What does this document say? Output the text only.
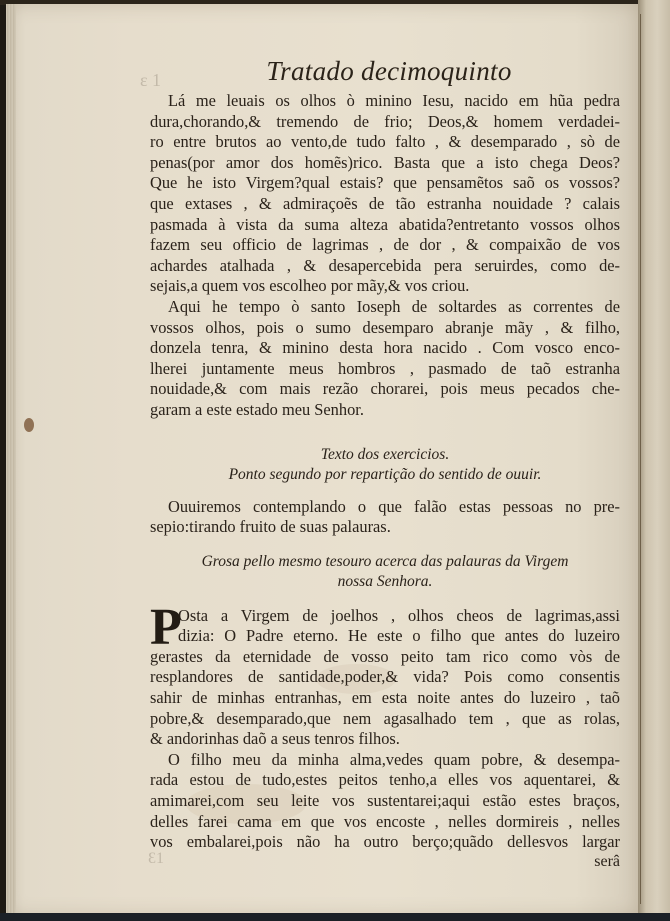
ε 1
Ɛ1
Tratado decimoquinto
Lá me leuais os olhos ò minino Iesu, nacido em hũa pedra
dura,chorando,& tremendo de frio; Deos,& homem verdadei-
ro entre brutos ao vento,de tudo falto , & desemparado , sò de
penas(por amor dos homẽs)rico. Basta que a isto chega Deos?
Que he isto Virgem?qual estais? que pensamẽtos saõ os vossos?
que extases , & admiraçoẽs de tão estranha nouidade ? calais
pasmada à vista da suma alteza abatida?entretanto vossos olhos
fazem seu officio de lagrimas , de dor , & compaixão de vos
achardes atalhada , & desapercebida pera seruirdes, como de-
sejais,a quem vos escolheo por mãy,& vos criou.
Aqui he tempo ò santo Ioseph de soltardes as correntes de
vossos olhos, pois o sumo desemparo abranje mãy , & filho,
donzela tenra, & minino desta hora nacido . Com vosco enco-
lherei juntamente meus hombros , pasmado de taõ estranha
nouidade,& com mais rezão chorarei, pois meus pecados che-
garam a este estado meu Senhor.
Texto dos exercicios.
Ponto segundo por repartição do sentido de ouuir.
Ouuiremos contemplando o que falão estas pessoas no pre-
sepio:tirando fruito de suas palauras.
Grosa pello mesmo tesouro acerca das palauras da Virgem
nossa Senhora.
P
Osta a Virgem de joelhos , olhos cheos de lagrimas,assi
dizia: O Padre eterno. He este o filho que antes do luzeiro
gerastes da eternidade de vosso peito tam rico como vòs de
resplandores de santidade,poder,& vida? Pois como consentis
sahir de minhas entranhas, em esta noite antes do luzeiro , taõ
pobre,& desemparado,que nem agasalhado tem , que as rolas,
& andorinhas daõ a seus tenros filhos.
O filho meu da minha alma,vedes quam pobre, & desempa-
rada estou de tudo,estes peitos tenho,a elles vos aquentarei, &
amimarei,com seu leite vos sustentarei;aqui estão estes braços,
delles farei cama em que vos encoste , nelles dormireis , nelles
vos embalarei,pois não ha outro berço;quãdo dellesvos largar
serâ
